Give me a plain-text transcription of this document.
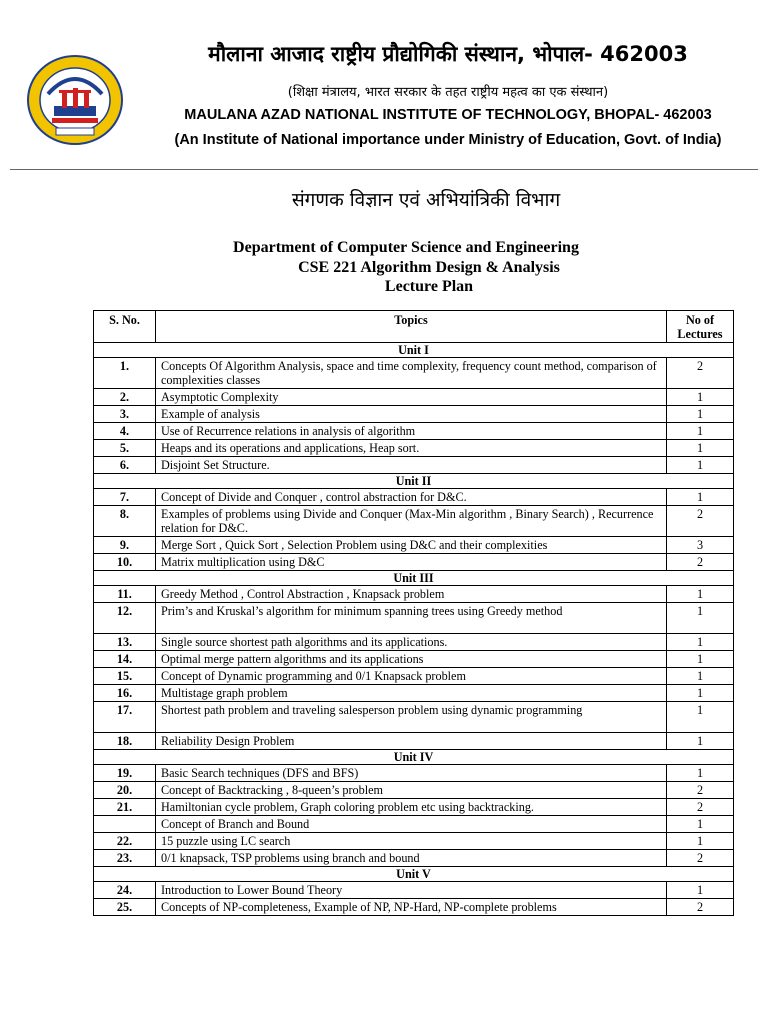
मौलाना आजाद राष्ट्रीय प्रौद्योगिकी संस्थान, भोपाल- 462003
(शिक्षा मंत्रालय, भारत सरकार के तहत राष्ट्रीय महत्व का एक संस्थान)
MAULANA AZAD NATIONAL INSTITUTE OF TECHNOLOGY, BHOPAL- 462003
(An Institute of National importance under Ministry of Education, Govt. of India)
संगणक विज्ञान एवं अभियांत्रिकी विभाग
Department of Computer Science and Engineering
CSE 221 Algorithm Design & Analysis
Lecture Plan
S. No.	Topics	No of Lectures
Unit I		
1.	Concepts Of Algorithm Analysis, space and time complexity, frequency count method, comparison of complexities classes	2
2.	Asymptotic Complexity	1
3.	Example of analysis	1
4.	Use of Recurrence relations in analysis of algorithm	1
5.	Heaps and its operations and applications, Heap sort.	1
6.	Disjoint Set Structure.	1
Unit II		
7.	Concept of Divide and Conquer , control abstraction for D&C.	1
8.	Examples of problems using Divide and Conquer (Max-Min algorithm , Binary Search) , Recurrence relation for D&C.	2
9.	Merge Sort , Quick Sort , Selection Problem using D&C and their complexities	3
10.	Matrix multiplication using D&C	2
Unit III		
11.	Greedy Method , Control Abstraction , Knapsack problem	1
12.	Prim’s and Kruskal’s algorithm for minimum spanning trees using Greedy method	1
13.	Single source shortest path algorithms and its applications.	1
14.	Optimal merge pattern algorithms and its applications	1
15.	Concept of Dynamic programming and 0/1 Knapsack problem	1
16.	Multistage graph problem	1
17.	Shortest path problem and traveling salesperson problem using dynamic programming	1
18.	Reliability Design Problem	1
Unit IV		
19.	Basic Search techniques (DFS and BFS)	1
20.	Concept of Backtracking , 8-queen’s problem	2
21.	Hamiltonian cycle problem, Graph coloring problem etc using backtracking.	2
	Concept of Branch and Bound	1
22.	15 puzzle using LC search	1
23.	0/1 knapsack, TSP problems using branch and bound	2
Unit V		
24.	Introduction to Lower Bound Theory	1
25.	Concepts of NP-completeness, Example of NP, NP-Hard, NP-complete problems	2
